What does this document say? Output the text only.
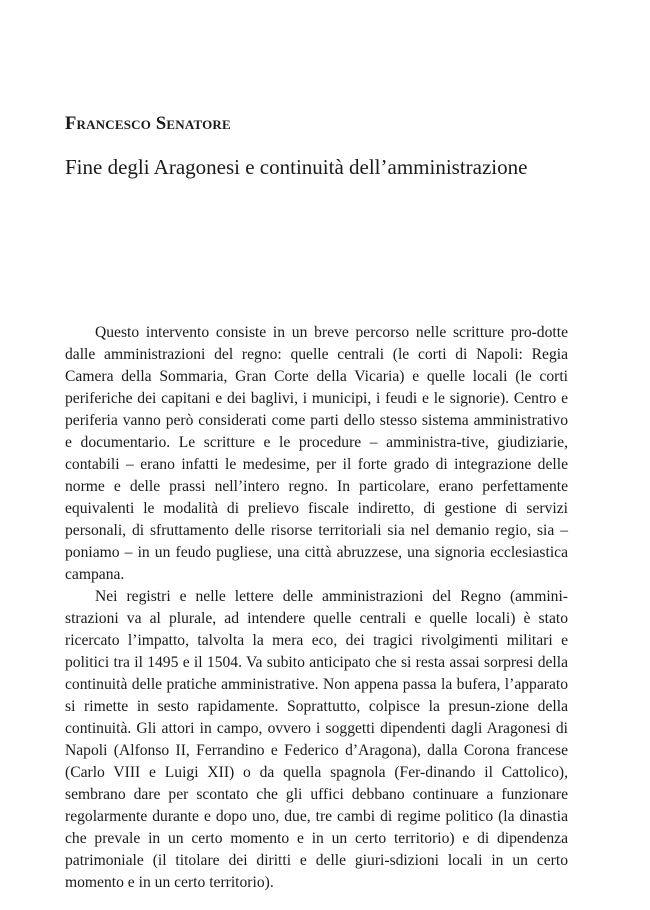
Francesco Senatore
Fine degli Aragonesi e continuità dell’amministrazione

Questo intervento consiste in un breve percorso nelle scritture pro-dotte dalle amministrazioni del regno: quelle centrali (le corti di Napoli: Regia Camera della Sommaria, Gran Corte della Vicaria) e quelle locali (le corti periferiche dei capitani e dei baglivi, i municipi, i feudi e le signorie). Centro e periferia vanno però considerati come parti dello stesso sistema amministrativo e documentario. Le scritture e le procedure – amministra-tive, giudiziarie, contabili – erano infatti le medesime, per il forte grado di integrazione delle norme e delle prassi nell’intero regno. In particolare, erano perfettamente equivalenti le modalità di prelievo fiscale indiretto, di gestione di servizi personali, di sfruttamento delle risorse territoriali sia nel demanio regio, sia – poniamo – in un feudo pugliese, una città abruzzese, una signoria ecclesiastica campana.

Nei registri e nelle lettere delle amministrazioni del Regno (ammini-strazioni va al plurale, ad intendere quelle centrali e quelle locali) è stato ricercato l’impatto, talvolta la mera eco, dei tragici rivolgimenti militari e politici tra il 1495 e il 1504. Va subito anticipato che si resta assai sorpresi della continuità delle pratiche amministrative. Non appena passa la bufera, l’apparato si rimette in sesto rapidamente. Soprattutto, colpisce la presun-zione della continuità. Gli attori in campo, ovvero i soggetti dipendenti dagli Aragonesi di Napoli (Alfonso II, Ferrandino e Federico d’Aragona), dalla Corona francese (Carlo VIII e Luigi XII) o da quella spagnola (Fer-dinando il Cattolico), sembrano dare per scontato che gli uffici debbano continuare a funzionare regolarmente durante e dopo uno, due, tre cambi di regime politico (la dinastia che prevale in un certo momento e in un certo territorio) e di dipendenza patrimoniale (il titolare dei diritti e delle giuri-sdizioni locali in un certo momento e in un certo territorio).
